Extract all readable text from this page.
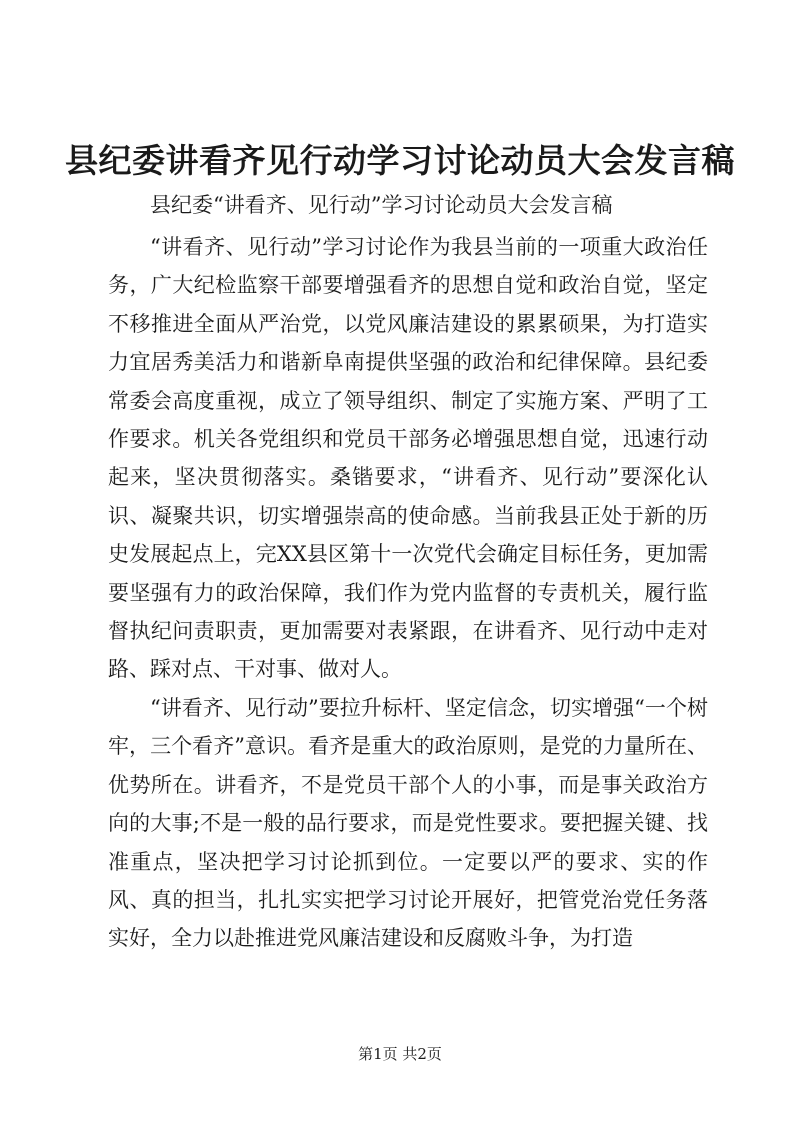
县纪委讲看齐见行动学习讨论动员大会发言稿

县纪委“讲看齐、见行动”学习讨论动员大会发言稿

“讲看齐、见行动”学习讨论作为我县当前的一项重大政治任务，广大纪检监察干部要增强看齐的思想自觉和政治自觉，坚定不移推进全面从严治党，以党风廉洁建设的累累硕果，为打造实力宜居秀美活力和谐新阜南提供坚强的政治和纪律保障。县纪委常委会高度重视，成立了领导组织、制定了实施方案、严明了工作要求。机关各党组织和党员干部务必增强思想自觉，迅速行动起来，坚决贯彻落实。桑锴要求，“讲看齐、见行动”要深化认识、凝聚共识，切实增强崇高的使命感。当前我县正处于新的历史发展起点上，完XX县区第十一次党代会确定目标任务，更加需要坚强有力的政治保障，我们作为党内监督的专责机关，履行监督执纪问责职责，更加需要对表紧跟，在讲看齐、见行动中走对路、踩对点、干对事、做对人。

“讲看齐、见行动”要拉升标杆、坚定信念，切实增强“一个树牢，三个看齐”意识。看齐是重大的政治原则，是党的力量所在、优势所在。讲看齐，不是党员干部个人的小事，而是事关政治方向的大事;不是一般的品行要求，而是党性要求。要把握关键、找准重点，坚决把学习讨论抓到位。一定要以严的要求、实的作风、真的担当，扎扎实实把学习讨论开展好，把管党治党任务落实好，全力以赴推进党风廉洁建设和反腐败斗争，为打造

第1页 共2页
